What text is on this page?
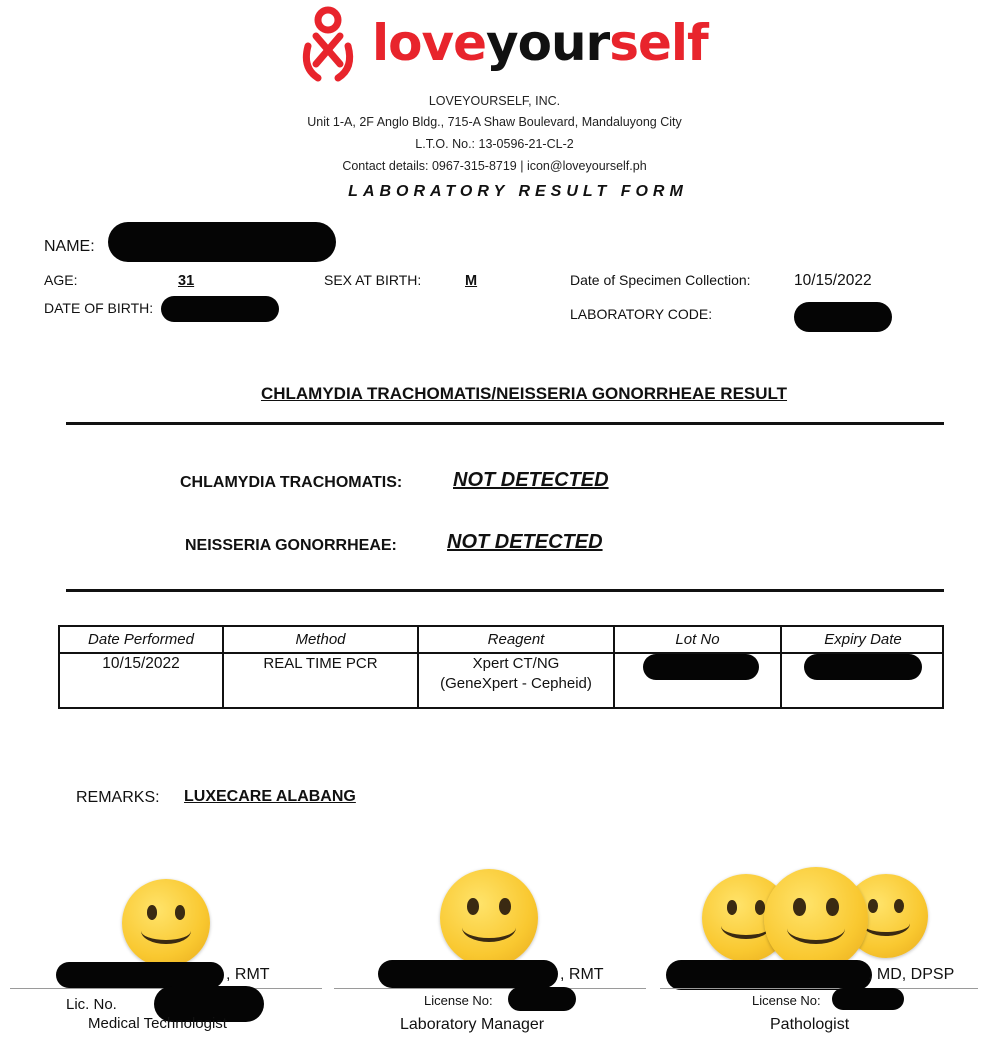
loveyourself
LOVEYOURSELF, INC.
Unit 1-A, 2F Anglo Bldg., 715-A Shaw Boulevard, Mandaluyong City
L.T.O. No.: 13-0596-21-CL-2
Contact details: 0967-315-8719 | icon@loveyourself.ph
LABORATORY RESULT FORM
NAME:
AGE:	31	SEX AT BIRTH:	M	Date of Specimen Collection:	10/15/2022
DATE OF BIRTH:	LABORATORY CODE:
CHLAMYDIA TRACHOMATIS/NEISSERIA GONORRHEAE RESULT
CHLAMYDIA TRACHOMATIS:	NOT DETECTED
NEISSERIA GONORRHEAE:	NOT DETECTED
Date Performed	Method	Reagent	Lot No	Expiry Date
10/15/2022	REAL TIME PCR	Xpert CT/NG
(GeneXpert - Cepheid)
REMARKS: LUXECARE ALABANG
, RMT
Lic. No.
Medical Technologist
, RMT
License No:
Laboratory Manager
, MD, DPSP
License No:
Pathologist
